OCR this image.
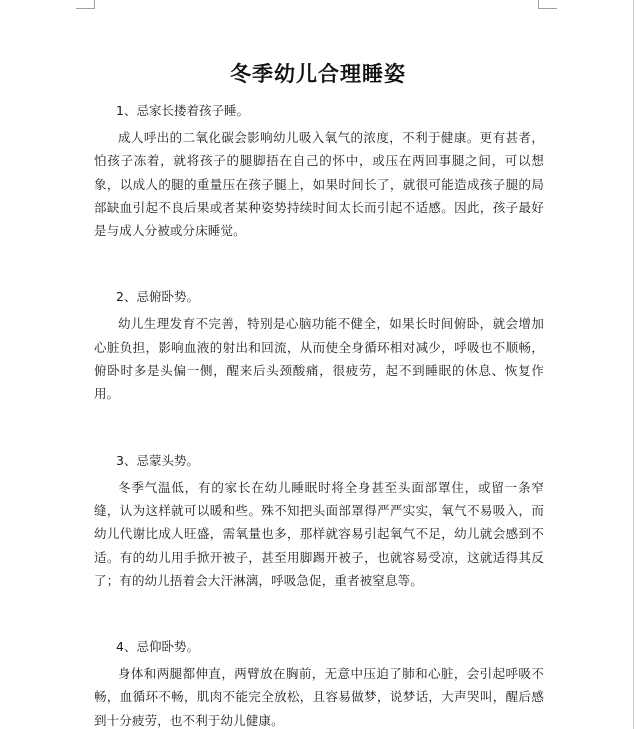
冬季幼儿合理睡姿

1、忌家长搂着孩子睡。

成人呼出的二氧化碳会影响幼儿吸入氧气的浓度，不利于健康。更有甚者，怕孩子冻着，就将孩子的腿脚捂在自己的怀中，或压在两回事腿之间，可以想象，以成人的腿的重量压在孩子腿上，如果时间长了，就很可能造成孩子腿的局部缺血引起不良后果或者某种姿势持续时间太长而引起不适感。因此，孩子最好是与成人分被或分床睡觉。

2、忌俯卧势。

幼儿生理发育不完善，特别是心脑功能不健全，如果长时间俯卧，就会增加心脏负担，影响血液的射出和回流，从而使全身循环相对减少，呼吸也不顺畅，俯卧时多是头偏一侧，醒来后头颈酸痛，很疲劳，起不到睡眠的休息、恢复作用。

3、忌蒙头势。

冬季气温低，有的家长在幼儿睡眠时将全身甚至头面部罩住，或留一条窄缝，认为这样就可以暖和些。殊不知把头面部罩得严严实实，氧气不易吸入，而幼儿代谢比成人旺盛，需氧量也多，那样就容易引起氧气不足，幼儿就会感到不适。有的幼儿用手掀开被子，甚至用脚踢开被子，也就容易受凉，这就适得其反了；有的幼儿捂着会大汗淋漓，呼吸急促，重者被窒息等。

4、忌仰卧势。

身体和两腿都伸直，两臂放在胸前，无意中压迫了肺和心脏，会引起呼吸不畅，血循环不畅，肌肉不能完全放松，且容易做梦，说梦话，大声哭叫，醒后感到十分疲劳，也不利于幼儿健康。
